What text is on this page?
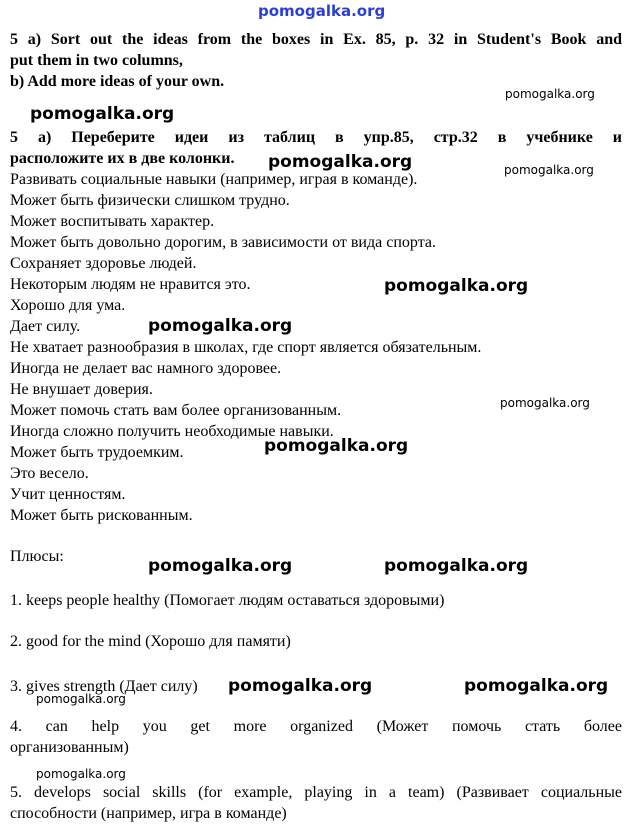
pomogalka.org
5 a) Sort out the ideas from the boxes in Ex. 85, p. 32 in Student's Book and
put them in two columns,
b) Add more ideas of your own.
5 а) Переберите идеи из таблиц в упр.85, стр.32 в учебнике и
расположите их в две колонки.
Развивать социальные навыки (например, играя в команде).
Может быть физически слишком трудно.
Может воспитывать характер.
Может быть довольно дорогим, в зависимости от вида спорта.
Сохраняет здоровье людей.
Некоторым людям не нравится это.
Хорошо для ума.
Дает силу.
Не хватает разнообразия в школах, где спорт является обязательным.
Иногда не делает вас намного здоровее.
Не внушает доверия.
Может помочь стать вам более организованным.
Иногда сложно получить необходимые навыки.
Может быть трудоемким.
Это весело.
Учит ценностям.
Может быть рискованным.
Плюсы:
1. keeps people healthy (Помогает людям оставаться здоровыми)
2. good for the mind (Хорошо для памяти)
3. gives strength (Дает силу)
4. can help you get more organized (Может помочь стать более
организованным)
5. develops social skills (for example, playing in a team) (Развивает социальные
способности (например, игра в команде)
pomogalka.org
pomogalka.org
pomogalka.org	pomogalka.org
pomogalka.org
pomogalka.org
pomogalka.org
pomogalka.org
pomogalka.org	pomogalka.org
pomogalka.org	pomogalka.org
pomogalka.org
pomogalka.org
